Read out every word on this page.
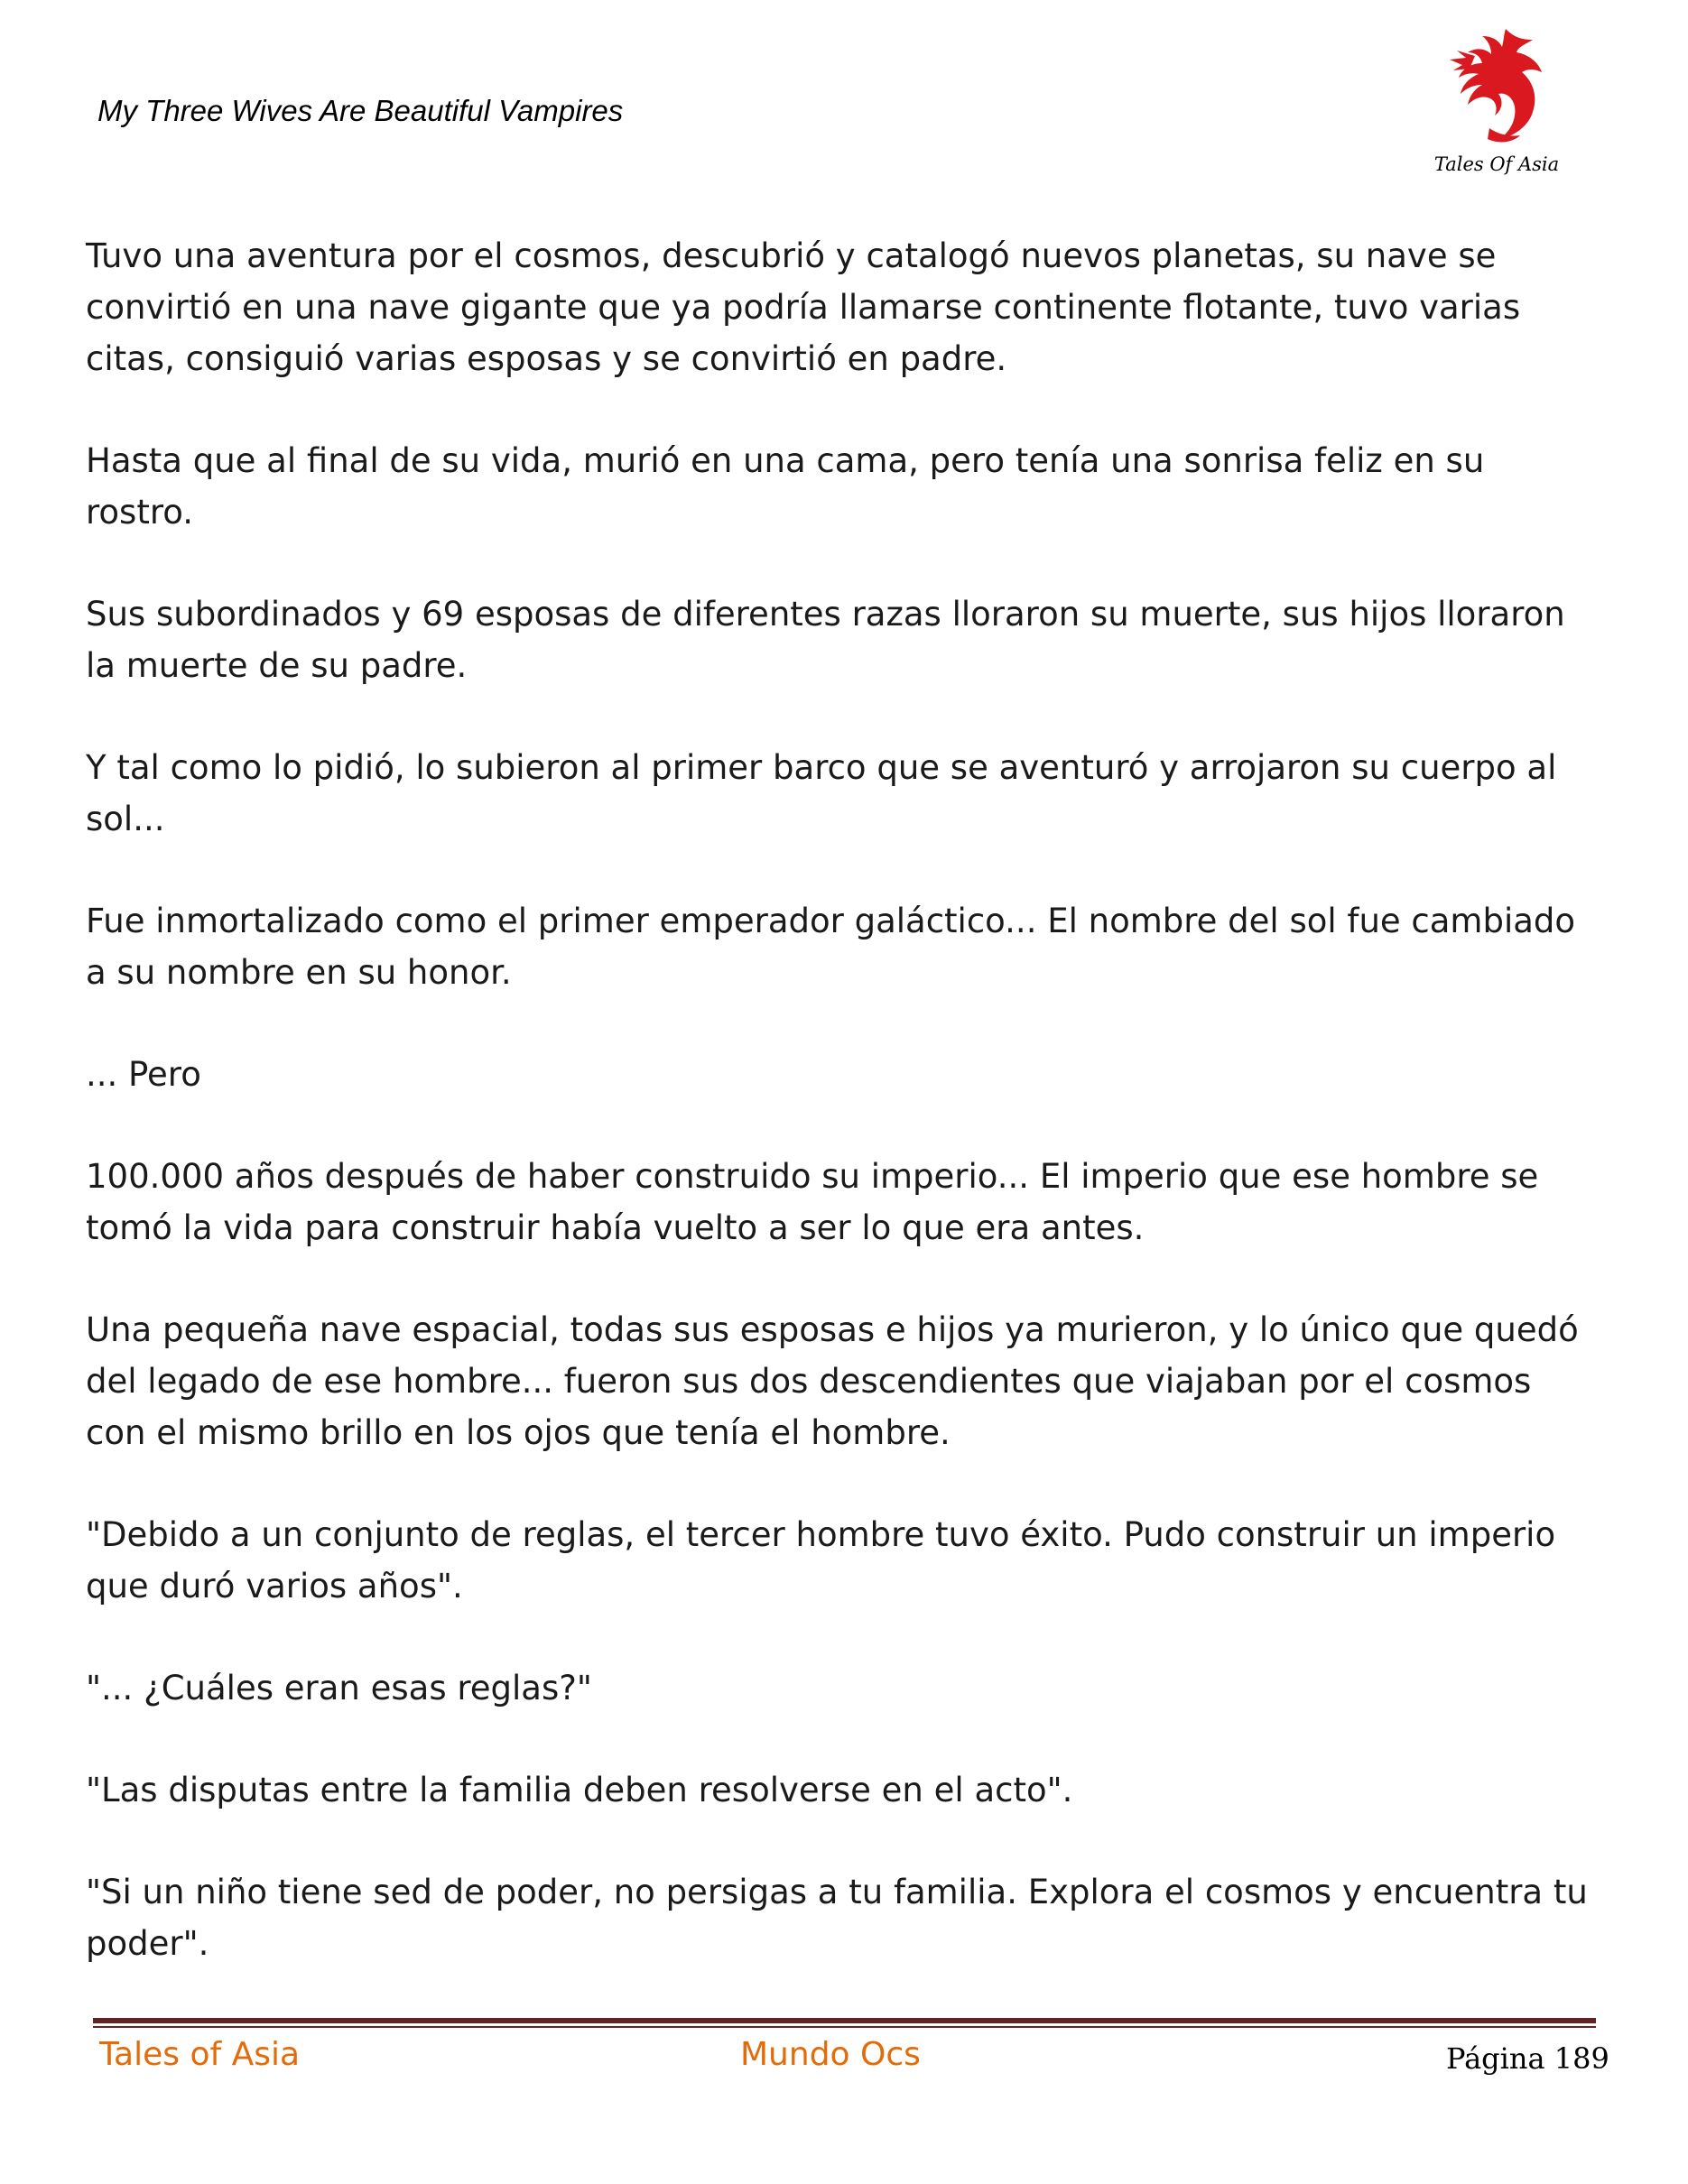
My Three Wives Are Beautiful Vampires
Tales Of Asia

Tuvo una aventura por el cosmos, descubrió y catalogó nuevos planetas, su nave se
convirtió en una nave gigante que ya podría llamarse continente flotante, tuvo varias
citas, consiguió varias esposas y se convirtió en padre.

Hasta que al final de su vida, murió en una cama, pero tenía una sonrisa feliz en su
rostro.

Sus subordinados y 69 esposas de diferentes razas lloraron su muerte, sus hijos lloraron
la muerte de su padre.

Y tal como lo pidió, lo subieron al primer barco que se aventuró y arrojaron su cuerpo al
sol...

Fue inmortalizado como el primer emperador galáctico... El nombre del sol fue cambiado
a su nombre en su honor.

... Pero

100.000 años después de haber construido su imperio... El imperio que ese hombre se
tomó la vida para construir había vuelto a ser lo que era antes.

Una pequeña nave espacial, todas sus esposas e hijos ya murieron, y lo único que quedó
del legado de ese hombre... fueron sus dos descendientes que viajaban por el cosmos
con el mismo brillo en los ojos que tenía el hombre.

"Debido a un conjunto de reglas, el tercer hombre tuvo éxito. Pudo construir un imperio
que duró varios años".

"... ¿Cuáles eran esas reglas?"

"Las disputas entre la familia deben resolverse en el acto".

"Si un niño tiene sed de poder, no persigas a tu familia. Explora el cosmos y encuentra tu
poder".

Tales of Asia	Mundo Ocs	Página 189
